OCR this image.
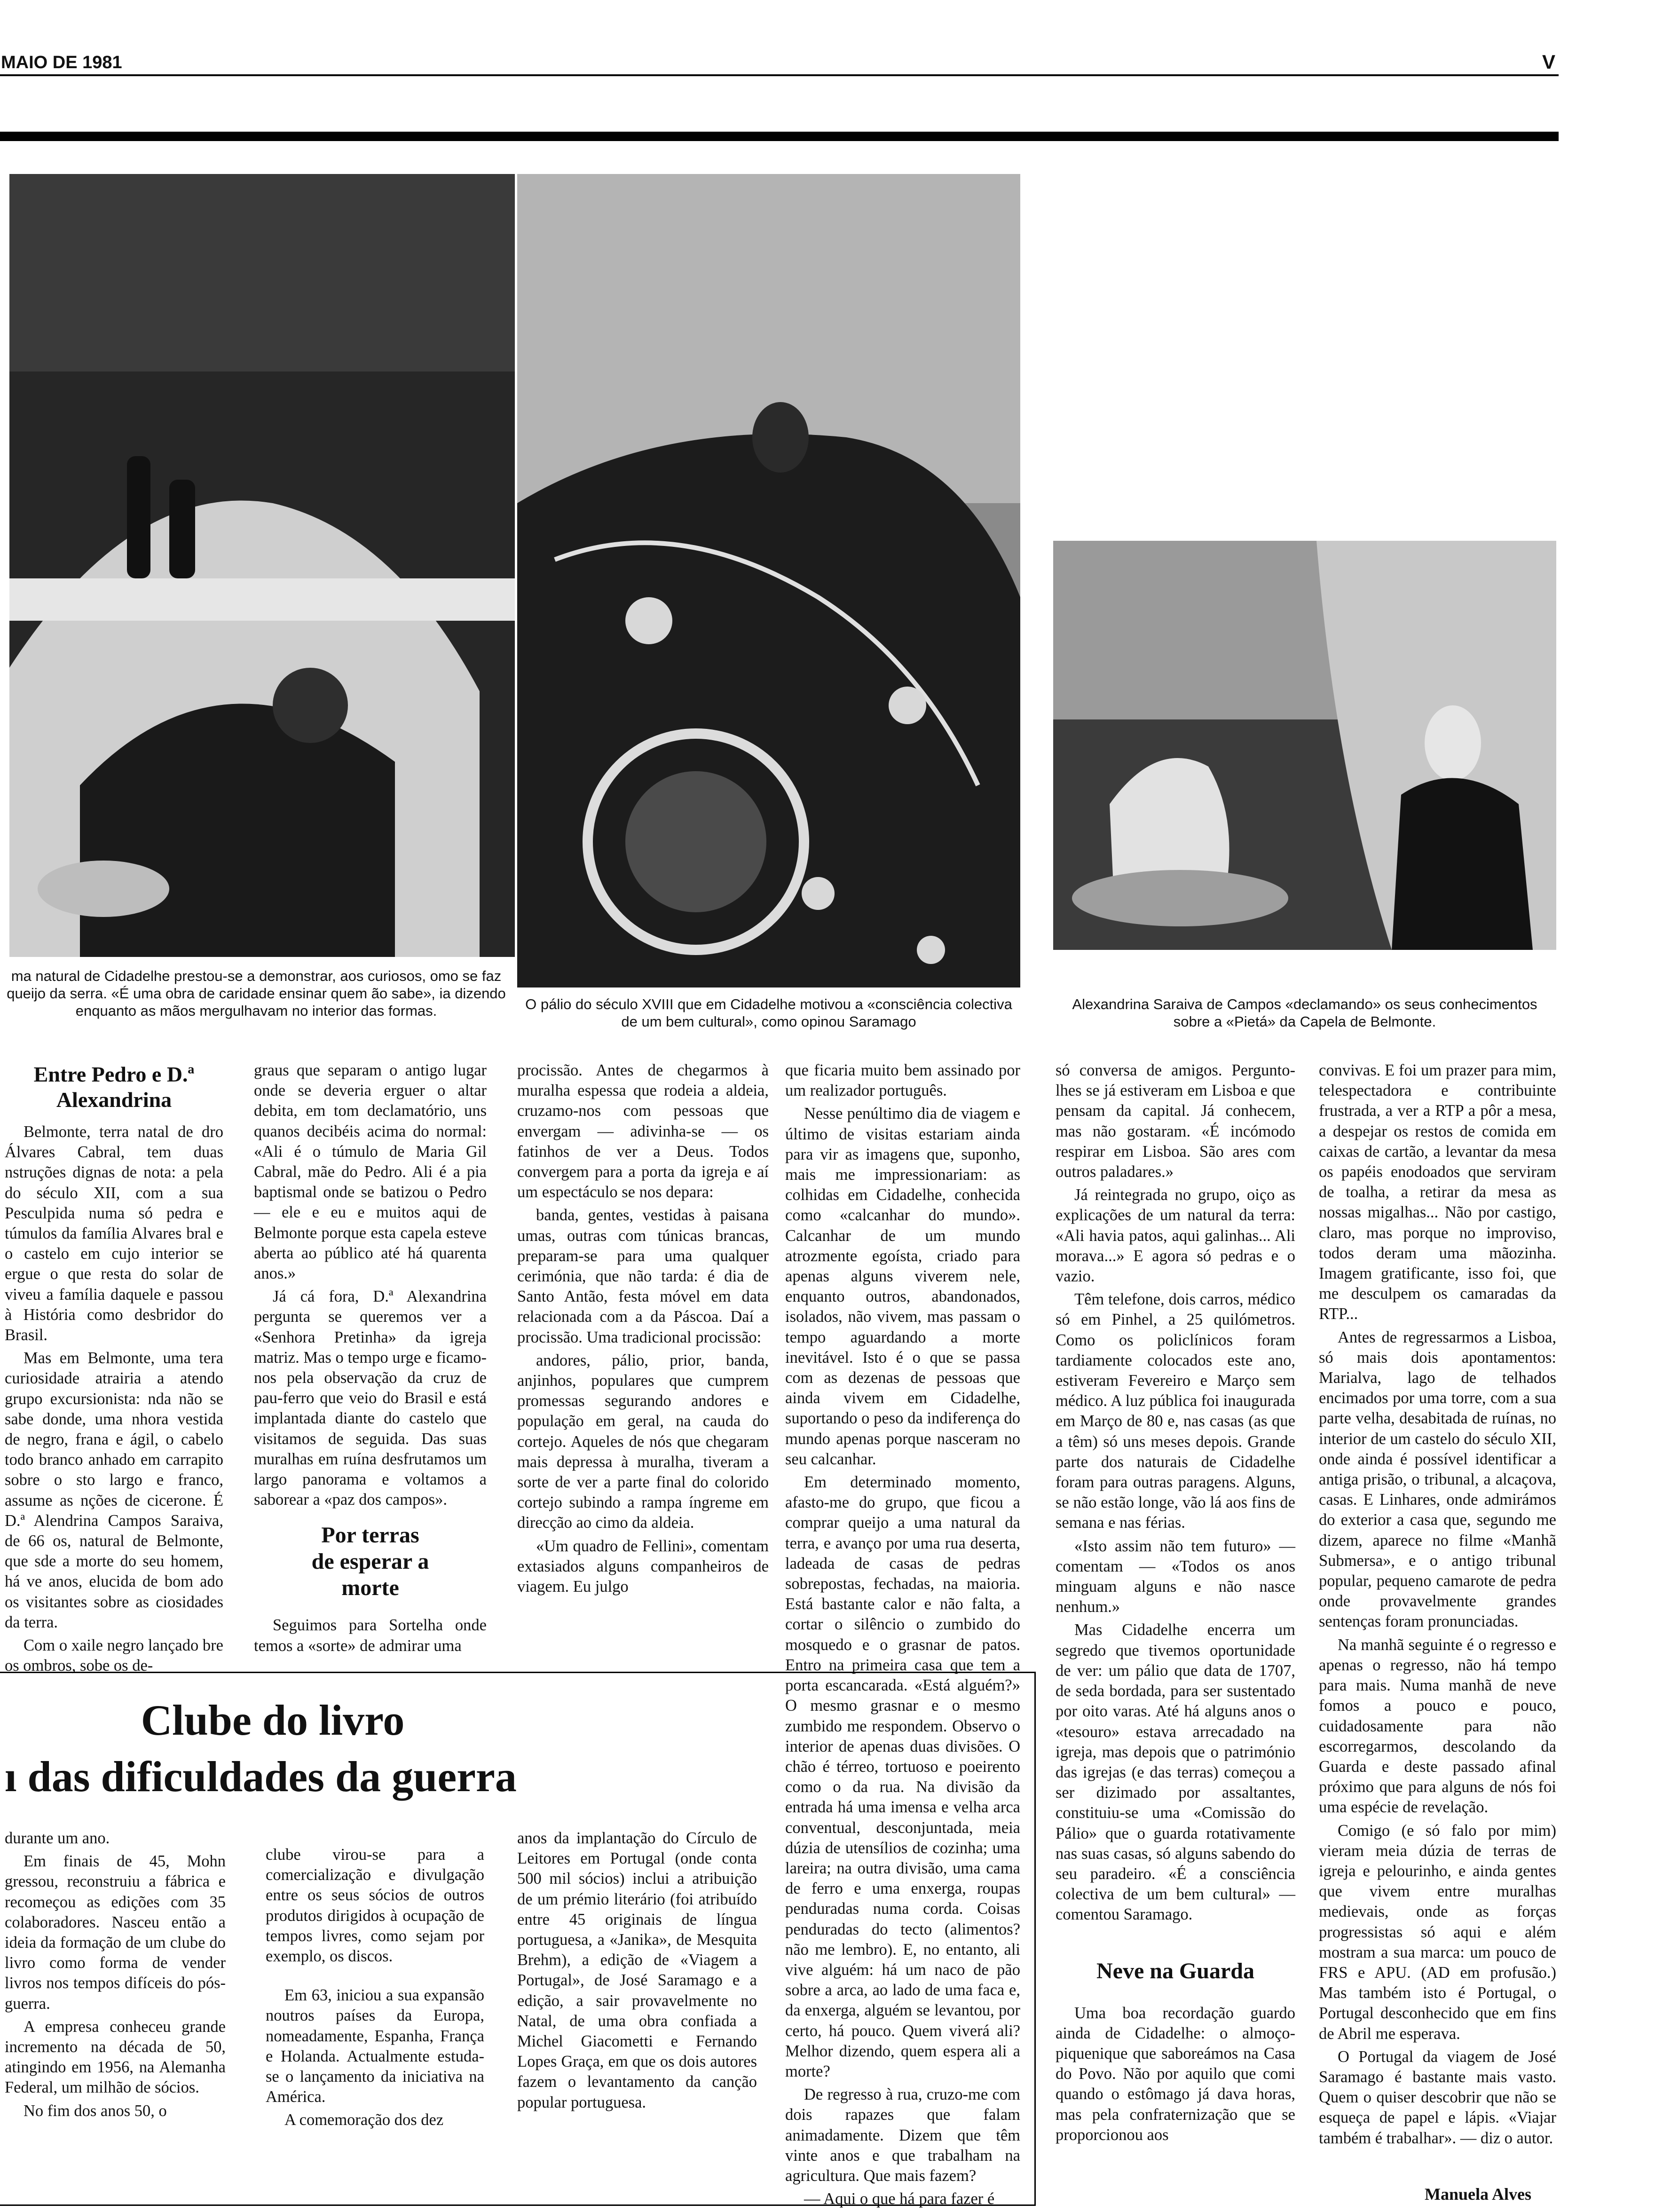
MAIO DE 1981	V
ma natural de Cidadelhe prestou-se a demonstrar, aos curiosos, omo se faz queijo da serra. «É uma obra de caridade ensinar quem ão sabe», ia dizendo enquanto as mãos mergulhavam no interior das formas.	O pálio do século XVIII que em Cidadelhe motivou a «consciência colectiva de um bem cultural», como opinou Saramago
Alexandrina Saraiva de Campos «declamando» os seus conhecimentos sobre a «Pietá» da Capela de Belmonte.
Entre Pedro e D.ª Alexandrina

Belmonte, terra natal de dro Álvares Cabral, tem duas nstruções dignas de nota: a pela do século XII, com a sua Pesculpida numa só pedra e túmulos da família Alvares bral e o castelo em cujo interior se ergue o que resta do solar de viveu a família daquele e passou à História como desbridor do Brasil.

Mas em Belmonte, uma tera curiosidade atrairia a atendo grupo excursionista: nda não se sabe donde, uma nhora vestida de negro, frana e ágil, o cabelo todo branco anhado em carrapito sobre o sto largo e franco, assume as nções de cicerone. É D.ª Alendrina Campos Saraiva, de 66 os, natural de Belmonte, que sde a morte do seu homem, há ve anos, elucida de bom ado os visitantes sobre as ciosidades da terra.

Com o xaile negro lançado bre os ombros, sobe os de-

graus que separam o antigo lugar onde se deveria erguer o altar debita, em tom declamatório, uns quanos decibéis acima do normal: «Ali é o túmulo de Maria Gil Cabral, mãe do Pedro. Ali é a pia baptismal onde se batizou o Pedro — ele e eu e muitos aqui de Belmonte porque esta capela esteve aberta ao público até há quarenta anos.»

Já cá fora, D.ª Alexandrina pergunta se queremos ver a «Senhora Pretinha» da igreja matriz. Mas o tempo urge e ficamo-nos pela observação da cruz de pau-ferro que veio do Brasil e está implantada diante do castelo que visitamos de seguida. Das suas muralhas em ruína desfrutamos um largo panorama e voltamos a saborear a «paz dos campos».

Por terras de esperar a morte

Seguimos para Sortelha onde temos a «sorte» de admirar uma

procissão. Antes de chegarmos à muralha espessa que rodeia a aldeia, cruzamo-nos com pessoas que envergam — adivinha-se — os fatinhos de ver a Deus. Todos convergem para a porta da igreja e aí um espectáculo se nos depara:

banda, gentes, vestidas à paisana umas, outras com túnicas brancas, preparam-se para uma qualquer cerimónia, que não tarda: é dia de Santo Antão, festa móvel em data relacionada com a da Páscoa. Daí a procissão. Uma tradicional procissão:

andores, pálio, prior, banda, anjinhos, populares que cumprem promessas segurando andores e população em geral, na cauda do cortejo. Aqueles de nós que chegaram mais depressa à muralha, tiveram a sorte de ver a parte final do colorido cortejo subindo a rampa íngreme em direcção ao cimo da aldeia.

«Um quadro de Fellini», comentam extasiados alguns companheiros de viagem. Eu julgo

que ficaria muito bem assinado por um realizador português.

Nesse penúltimo dia de viagem e último de visitas estariam ainda para vir as imagens que, suponho, mais me impressionariam: as colhidas em Cidadelhe, conhecida como «calcanhar do mundo». Calcanhar de um mundo atrozmente egoísta, criado para apenas alguns viverem nele, enquanto outros, abandonados, isolados, não vivem, mas passam o tempo aguardando a morte inevitável. Isto é o que se passa com as dezenas de pessoas que ainda vivem em Cidadelhe, suportando o peso da indiferença do mundo apenas porque nasceram no seu calcanhar.

Em determinado momento, afasto-me do grupo, que ficou a comprar queijo a uma natural da terra, e avanço por uma rua deserta, ladeada de casas de pedras sobrepostas, fechadas, na maioria. Está bastante calor e não falta, a cortar o silêncio o zumbido do mosquedo e o grasnar de patos. Entro na primeira casa que tem a porta escancarada. «Está alguém?» O mesmo grasnar e o mesmo zumbido me respondem. Observo o interior de apenas duas divisões. O chão é térreo, tortuoso e poeirento como o da rua. Na divisão da entrada há uma imensa e velha arca conventual, desconjuntada, meia dúzia de utensílios de cozinha; uma lareira; na outra divisão, uma cama de ferro e uma enxerga, roupas penduradas numa corda. Coisas penduradas do tecto (alimentos? não me lembro). E, no entanto, ali vive alguém: há um naco de pão sobre a arca, ao lado de uma faca e, da enxerga, alguém se levantou, por certo, há pouco. Quem viverá ali? Melhor dizendo, quem espera ali a morte?

De regresso à rua, cruzo-me com dois rapazes que falam animadamente. Dizem que têm vinte anos e que trabalham na agricultura. Que mais fazem?

— Aqui o que há para fazer é

só conversa de amigos. Pergunto-lhes se já estiveram em Lisboa e que pensam da capital. Já conhecem, mas não gostaram. «É incómodo respirar em Lisboa. São ares com outros paladares.»

Já reintegrada no grupo, oiço as explicações de um natural da terra: «Ali havia patos, aqui galinhas... Ali morava...» E agora só pedras e o vazio.

Têm telefone, dois carros, médico só em Pinhel, a 25 quilómetros. Como os policlínicos foram tardiamente colocados este ano, estiveram Fevereiro e Março sem médico. A luz pública foi inaugurada em Março de 80 e, nas casas (as que a têm) só uns meses depois. Grande parte dos naturais de Cidadelhe foram para outras paragens. Alguns, se não estão longe, vão lá aos fins de semana e nas férias.

«Isto assim não tem futuro» — comentam — «Todos os anos minguam alguns e não nasce nenhum.»

Mas Cidadelhe encerra um segredo que tivemos oportunidade de ver: um pálio que data de 1707, de seda bordada, para ser sustentado por oito varas. Até há alguns anos o «tesouro» estava arrecadado na igreja, mas depois que o património das igrejas (e das terras) começou a ser dizimado por assaltantes, constituiu-se uma «Comissão do Pálio» que o guarda rotativamente nas suas casas, só alguns sabendo do seu paradeiro. «É a consciência colectiva de um bem cultural» — comentou Saramago.

Neve na Guarda

Uma boa recordação guardo ainda de Cidadelhe: o almoço-piquenique que saboreámos na Casa do Povo. Não por aquilo que comi quando o estômago já dava horas, mas pela confraternização que se proporcionou aos

convivas. E foi um prazer para mim, telespectadora e contribuinte frustrada, a ver a RTP a pôr a mesa, a despejar os restos de comida em caixas de cartão, a levantar da mesa os papéis enodoados que serviram de toalha, a retirar da mesa as nossas migalhas... Não por castigo, claro, mas porque no improviso, todos deram uma mãozinha. Imagem gratificante, isso foi, que me desculpem os camaradas da RTP...

Antes de regressarmos a Lisboa, só mais dois apontamentos: Marialva, lago de telhados encimados por uma torre, com a sua parte velha, desabitada de ruínas, no interior de um castelo do século XII, onde ainda é possível identificar a antiga prisão, o tribunal, a alcaçova, casas. E Linhares, onde admirámos do exterior a casa que, segundo me dizem, aparece no filme «Manhã Submersa», e o antigo tribunal popular, pequeno camarote de pedra onde provavelmente grandes sentenças foram pronunciadas.

Na manhã seguinte é o regresso e apenas o regresso, não há tempo para mais. Numa manhã de neve fomos a pouco e pouco, cuidadosamente para não escorregarmos, descolando da Guarda e deste passado afinal próximo que para alguns de nós foi uma espécie de revelação.

Comigo (e só falo por mim) vieram meia dúzia de terras de igreja e pelourinho, e ainda gentes que vivem entre muralhas medievais, onde as forças progressistas só aqui e além mostram a sua marca: um pouco de FRS e APU. (AD em profusão.) Mas também isto é Portugal, o Portugal desconhecido que em fins de Abril me esperava.

O Portugal da viagem de José Saramago é bastante mais vasto. Quem o quiser descobrir que não se esqueça de papel e lápis. «Viajar também é trabalhar». — diz o autor.

Manuela Alves
Clube do livro
ı das dificuldades da guerra

durante um ano.

Em finais de 45, Mohn gressou, reconstruiu a fábrica e recomeçou as edições com 35 colaboradores. Nasceu então a ideia da formação de um clube do livro como forma de vender livros nos tempos difíceis do pós-guerra.

A empresa conheceu grande incremento na década de 50, atingindo em 1956, na Alemanha Federal, um milhão de sócios.

No fim dos anos 50, o

clube virou-se para a comercialização e divulgação entre os seus sócios de outros produtos dirigidos à ocupação de tempos livres, como sejam por exemplo, os discos.

Em 63, iniciou a sua expansão noutros países da Europa, nomeadamente, Espanha, França e Holanda. Actualmente estuda-se o lançamento da iniciativa na América.

A comemoração dos dez

anos da implantação do Círculo de Leitores em Portugal (onde conta 500 mil sócios) inclui a atribuição de um prémio literário (foi atribuído entre 45 originais de língua portuguesa, a «Janika», de Mesquita Brehm), a edição de «Viagem a Portugal», de José Saramago e a edição, a sair provavelmente no Natal, de uma obra confiada a Michel Giacometti e Fernando Lopes Graça, em que os dois autores fazem o levantamento da canção popular portuguesa.
